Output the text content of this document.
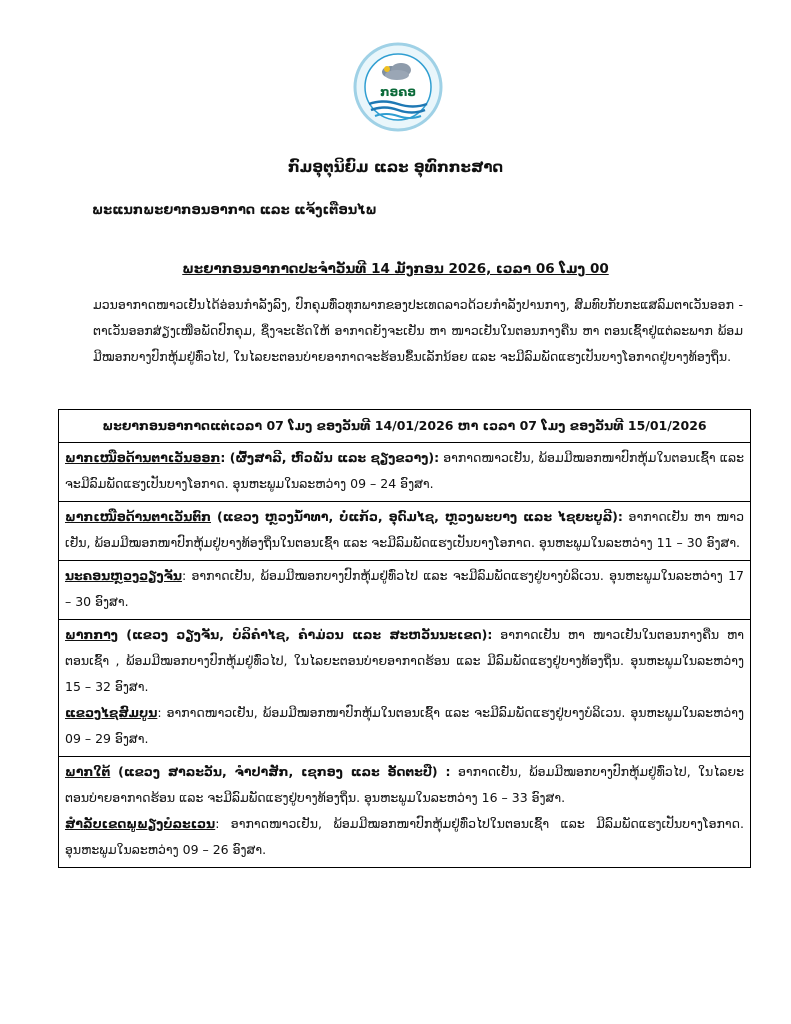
ກອຄອ
ກົມອຸຕຸນິຍົມ ແລະ ອຸທົກກະສາດ
ພະແນກພະຍາກອນອາກາດ ແລະ ແຈ້ງເຕືອນໄພ
ພະຍາກອນອາກາດປະຈຳວັນທີ 14 ມັງກອນ 2026, ເວລາ 06 ໂມງ 00
ມວນອາກາດໜາວເຢັນໄດ້ອ່ອນກຳລັງລົງ, ປົກຄຸມທົ່ວທຸກພາກຂອງປະເທດລາວດ້ວຍກຳລັງປານກາງ, ສົມທົບກັບກະແສລົມຕາເວັນອອກ - ຕາເວັນອອກສ່ຽງເໜືອພັດປົກຄຸມ, ຊຶ່ງຈະເຮັດໃຫ້ ອາກາດຍັງຈະເຢັນ ຫາ ໜາວເຢັນໃນຕອນກາງຄືນ ຫາ ຕອນເຊົ້າຢູ່ແຕ່ລະພາກ ພ້ອມມີໝອກບາງປົກຫຸ້ມຢູ່ທົ່ວໄປ, ໃນໄລຍະຕອນບ່າຍອາກາດຈະຮ້ອນຂຶ້ນເລັກນ້ອຍ ແລະ ຈະມີລົມພັດແຮງເປັນບາງໂອກາດຢູ່ບາງທ້ອງຖິ່ນ.
ພະຍາກອນອາກາດແຕ່ເວລາ 07 ໂມງ ຂອງວັນທີ 14/01/2026 ຫາ ເວລາ 07 ໂມງ ຂອງວັນທີ 15/01/2026
ພາກເໜືອດ້ານຕາເວັນອອກ: (ຜົ້ງສາລີ, ຫົວພັນ ແລະ ຊຽງຂວາງ): ອາກາດໜາວເຢັນ, ພ້ອມມີໝອກໜາປົກຫຸ້ມໃນຕອນເຊົ້າ ແລະ ຈະມີລົມພັດແຮງເປັນບາງໂອກາດ. ອຸນຫະພູມໃນລະຫວ່າງ 09 – 24 ອົງສາ.
ພາກເໜືອດ້ານຕາເວັນຕົກ (ແຂວງ ຫຼວງນ້ຳທາ, ບໍ່ແກ້ວ, ອຸດົມໄຊ, ຫຼວງພະບາງ ແລະ ໄຊຍະບູລີ): ອາກາດເຢັນ ຫາ ໜາວເຢັນ, ພ້ອມມີໝອກໜາປົກຫຸ້ມຢູ່ບາງທ້ອງຖິ່ນໃນຕອນເຊົ້າ ແລະ ຈະມີລົມພັດແຮງເປັນບາງໂອກາດ. ອຸນຫະພູມໃນລະຫວ່າງ 11 – 30 ອົງສາ.
ນະຄອນຫຼວງວຽງຈັນ: ອາກາດເຢັນ, ພ້ອມມີໝອກບາງປົກຫຸ້ມຢູ່ທົ່ວໄປ ແລະ ຈະມີລົມພັດແຮງຢູ່ບາງບໍລິເວນ. ອຸນຫະພູມໃນລະຫວ່າງ 17 – 30 ອົງສາ.
ພາກກາງ (ແຂວງ ວຽງຈັນ, ບໍລິຄຳໄຊ, ຄຳມ່ວນ ແລະ ສະຫວັນນະເຂດ): ອາກາດເຢັນ ຫາ ໜາວເຢັນໃນຕອນກາງຄືນ ຫາ ຕອນເຊົ້າ , ພ້ອມມີໝອກບາງປົກຫຸ້ມຢູ່ທົ່ວໄປ, ໃນໄລຍະຕອນບ່າຍອາກາດຮ້ອນ ແລະ ມີລົມພັດແຮງຢູ່ບາງທ້ອງຖິ່ນ. ອຸນຫະພູມໃນລະຫວ່າງ 15 – 32 ອົງສາ.
ແຂວງໄຊສົມບູນ: ອາກາດໜາວເຢັນ, ພ້ອມມີໝອກໜາປົກຫຸ້ມໃນຕອນເຊົ້າ ແລະ ຈະມີລົມພັດແຮງຢູ່ບາງບໍລິເວນ. ອຸນຫະພູມໃນລະຫວ່າງ 09 – 29 ອົງສາ.
ພາກໃຕ້ (ແຂວງ ສາລະວັນ, ຈຳປາສັກ, ເຊກອງ ແລະ ອັດຕະປື) : ອາກາດເຢັນ, ພ້ອມມີໝອກບາງປົກຫຸ້ມຢູ່ທົ່ວໄປ, ໃນໄລຍະຕອນບ່າຍອາກາດຮ້ອນ ແລະ ຈະມີລົມພັດແຮງຢູ່ບາງທ້ອງຖິ່ນ. ອຸນຫະພູມໃນລະຫວ່າງ 16 – 33 ອົງສາ.
ສຳລັບເຂດພູພຽງບໍລະເວນ: ອາກາດໜາວເຢັນ, ພ້ອມມີໝອກໜາປົກຫຸ້ມຢູ່ທົ່ວໄປໃນຕອນເຊົ້າ ແລະ ມີລົມພັດແຮງເປັນບາງໂອກາດ. ອຸນຫະພູມໃນລະຫວ່າງ 09 – 26 ອົງສາ.
